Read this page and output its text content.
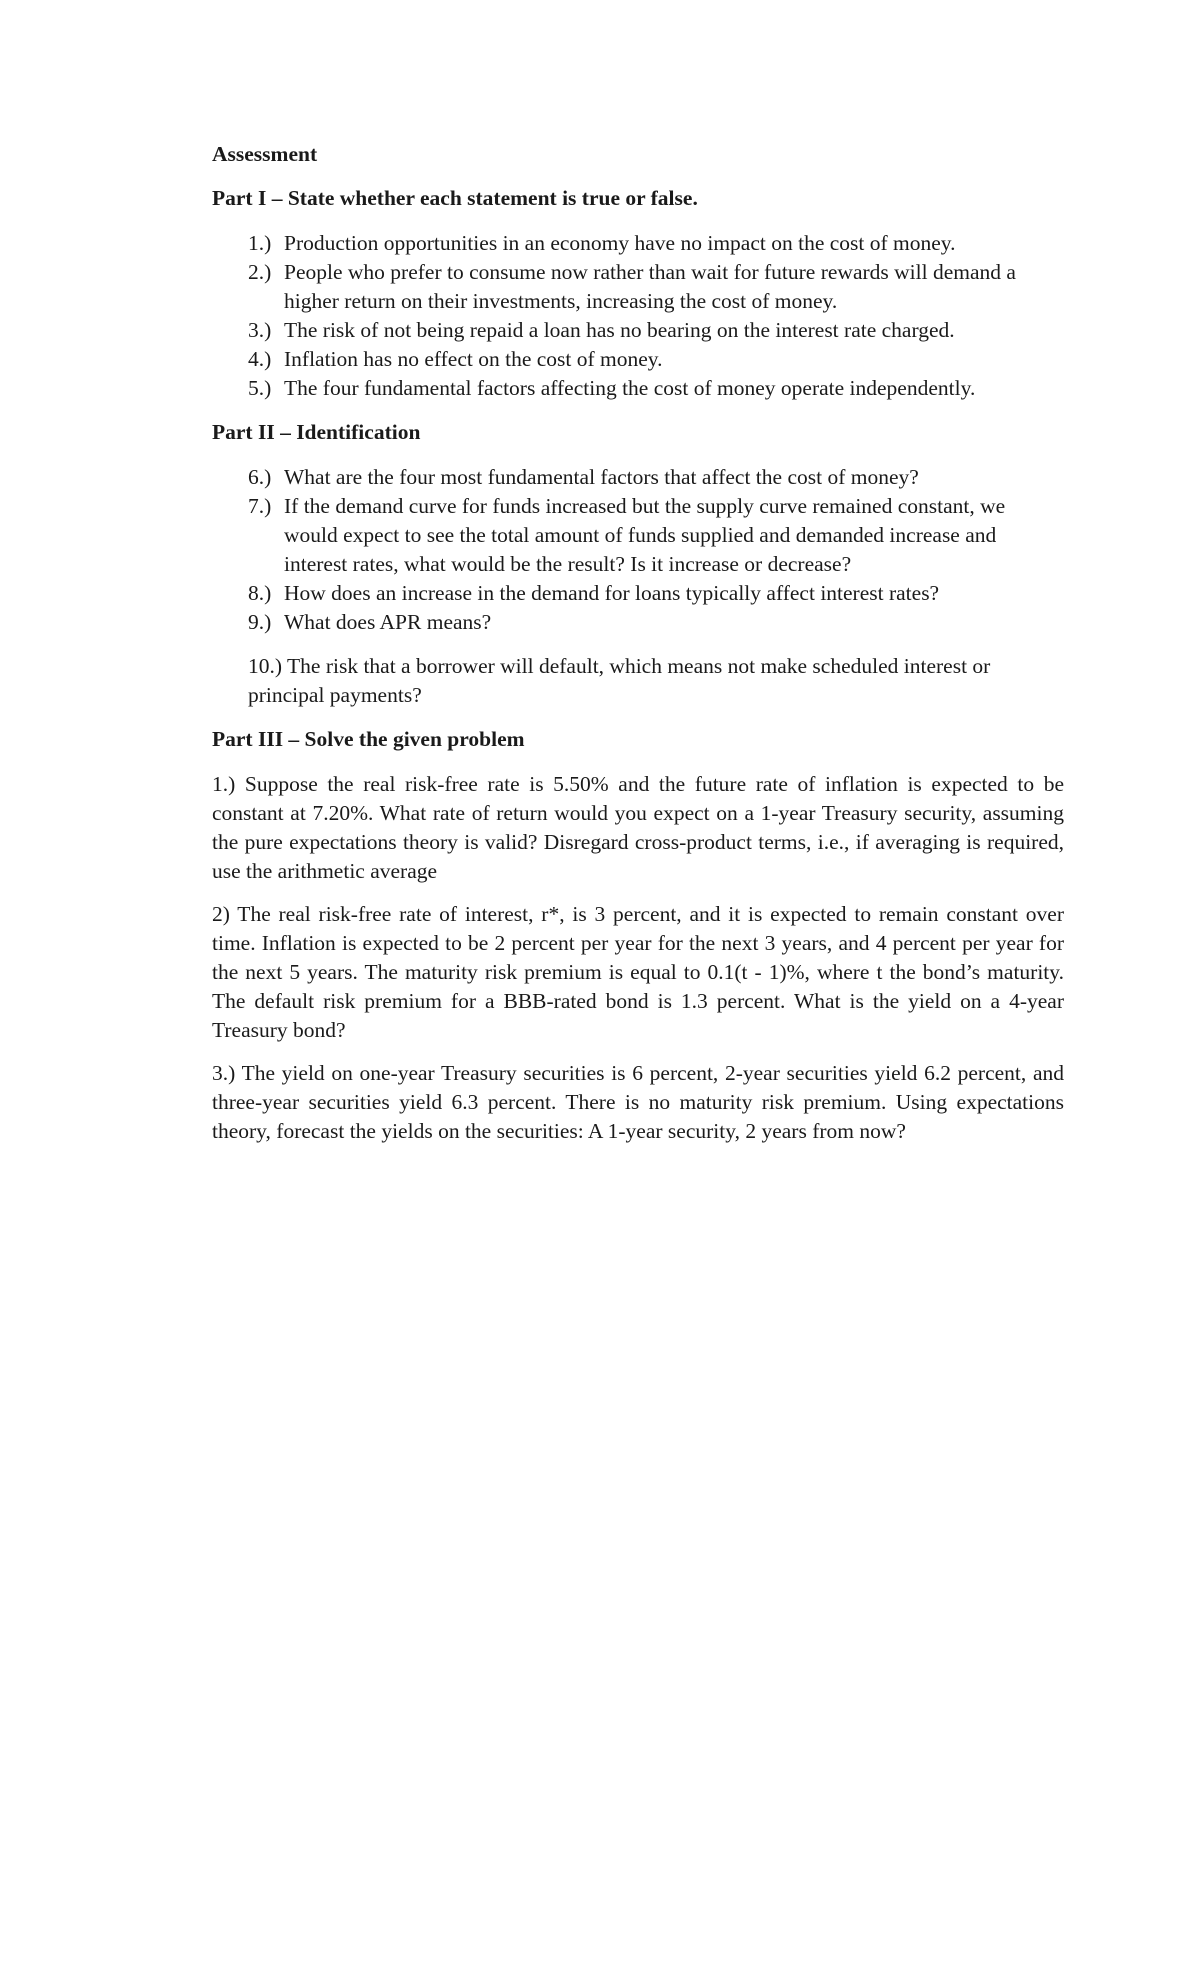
Assessment
Part I – State whether each statement is true or false.
1.) Production opportunities in an economy have no impact on the cost of money.
2.) People who prefer to consume now rather than wait for future rewards will demand a higher return on their investments, increasing the cost of money.
3.) The risk of not being repaid a loan has no bearing on the interest rate charged.
4.) Inflation has no effect on the cost of money.
5.) The four fundamental factors affecting the cost of money operate independently.
Part II – Identification
6.) What are the four most fundamental factors that affect the cost of money?
7.) If the demand curve for funds increased but the supply curve remained constant, we would expect to see the total amount of funds supplied and demanded increase and interest rates, what would be the result? Is it increase or decrease?
8.) How does an increase in the demand for loans typically affect interest rates?
9.) What does APR means?
10.) The risk that a borrower will default, which means not make scheduled interest or principal payments?
Part III – Solve the given problem

1.) Suppose the real risk-free rate is 5.50% and the future rate of inflation is expected to be constant at 7.20%. What rate of return would you expect on a 1-year Treasury security, assuming the pure expectations theory is valid? Disregard cross-product terms, i.e., if averaging is required, use the arithmetic average

2) The real risk-free rate of interest, r*, is 3 percent, and it is expected to remain constant over time. Inflation is expected to be 2 percent per year for the next 3 years, and 4 percent per year for the next 5 years. The maturity risk premium is equal to 0.1(t - 1)%, where t the bond’s maturity. The default risk premium for a BBB-rated bond is 1.3 percent. What is the yield on a 4-year Treasury bond?

3.) The yield on one-year Treasury securities is 6 percent, 2-year securities yield 6.2 percent, and three-year securities yield 6.3 percent. There is no maturity risk premium. Using expectations theory, forecast the yields on the securities: A 1-year security, 2 years from now?
